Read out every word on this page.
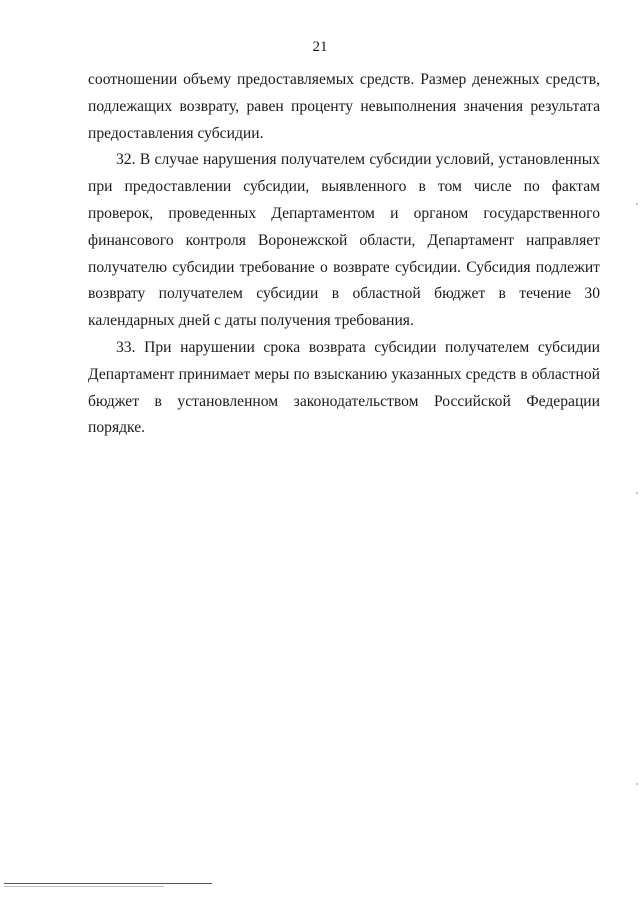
21

соотношении объему предоставляемых средств. Размер денежных средств, подлежащих возврату, равен проценту невыполнения значения результата предоставления субсидии.

32. В случае нарушения получателем субсидии условий, установленных при предоставлении субсидии, выявленного в том числе по фактам проверок, проведенных Департаментом и органом государственного финансового контроля Воронежской области, Департамент направляет получателю субсидии требование о возврате субсидии. Субсидия подлежит возврату получателем субсидии в областной бюджет в течение 30 календарных дней с даты получения требования.

33. При нарушении срока возврата субсидии получателем субсидии Департамент принимает меры по взысканию указанных средств в областной бюджет в установленном законодательством Российской Федерации порядке.
